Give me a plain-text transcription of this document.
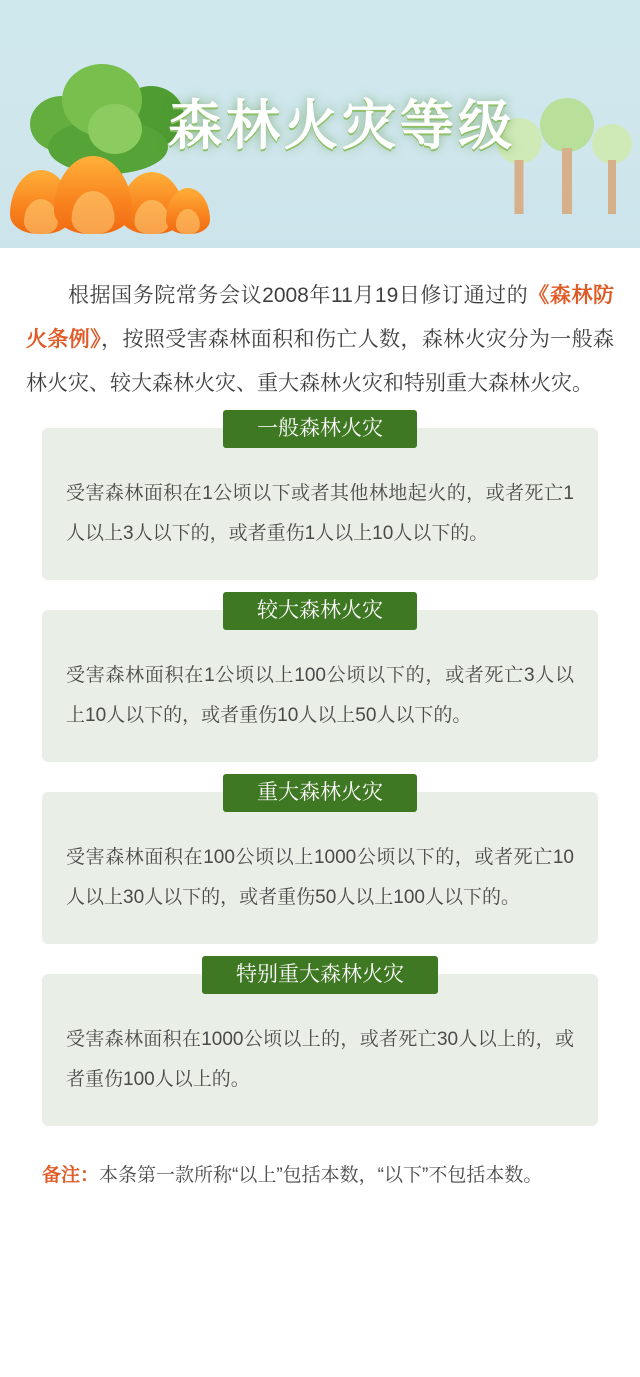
森林火灾等级

根据国务院常务会议2008年11月19日修订通过的《森林防火条例》，按照受害森林面积和伤亡人数，森林火灾分为一般森林火灾、较大森林火灾、重大森林火灾和特别重大森林火灾。

一般森林火灾
受害森林面积在1公顷以下或者其他林地起火的，或者死亡1人以上3人以下的，或者重伤1人以上10人以下的。
较大森林火灾
受害森林面积在1公顷以上100公顷以下的，或者死亡3人以上10人以下的，或者重伤10人以上50人以下的。
重大森林火灾
受害森林面积在100公顷以上1000公顷以下的，或者死亡10人以上30人以下的，或者重伤50人以上100人以下的。
特别重大森林火灾
受害森林面积在1000公顷以上的，或者死亡30人以上的，或者重伤100人以上的。

备注：本条第一款所称“以上”包括本数，“以下”不包括本数。
